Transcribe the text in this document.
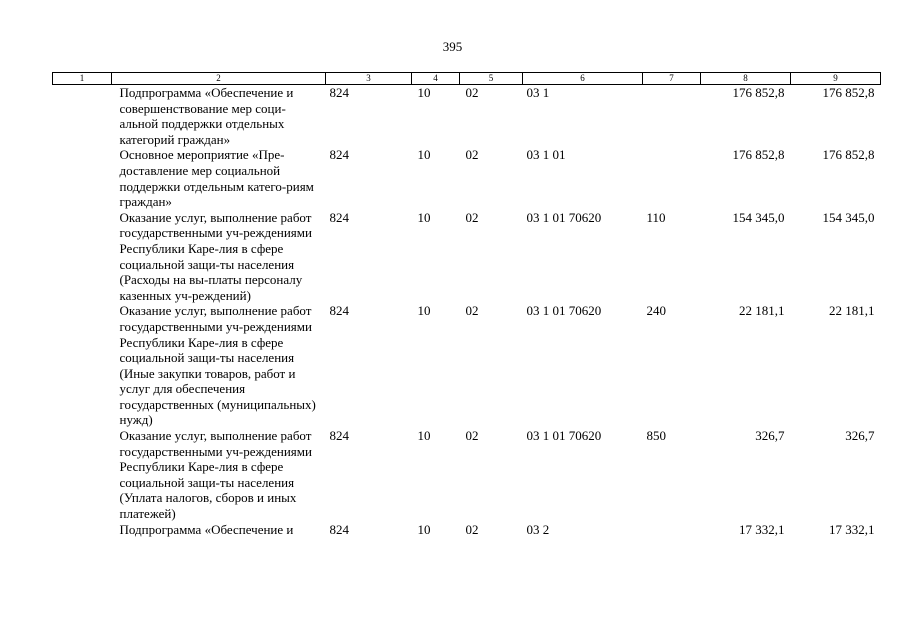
395
1	2	3	4	5	6	7	8	9
	Подпрограмма «Обеспечение и совершенствование мер соци-альной поддержки отдельных категорий граждан»	824	10	02	03 1		176 852,8	176 852,8
	Основное мероприятие «Пре-доставление мер социальной поддержки отдельным катего-риям граждан»	824	10	02	03 1 01		176 852,8	176 852,8
	Оказание услуг, выполнение работ государственными уч-реждениями Республики Каре-лия в сфере социальной защи-ты населения (Расходы на вы-платы персоналу казенных уч-реждений)	824	10	02	03 1 01 70620	110	154 345,0	154 345,0
	Оказание услуг, выполнение работ государственными уч-реждениями Республики Каре-лия в сфере социальной защи-ты населения (Иные закупки товаров, работ и услуг для обеспечения государственных (муниципальных) нужд)	824	10	02	03 1 01 70620	240	22 181,1	22 181,1
	Оказание услуг, выполнение работ государственными уч-реждениями Республики Каре-лия в сфере социальной защи-ты населения (Уплата налогов, сборов и иных платежей)	824	10	02	03 1 01 70620	850	326,7	326,7
	Подпрограмма «Обеспечение и	824	10	02	03 2		17 332,1	17 332,1
